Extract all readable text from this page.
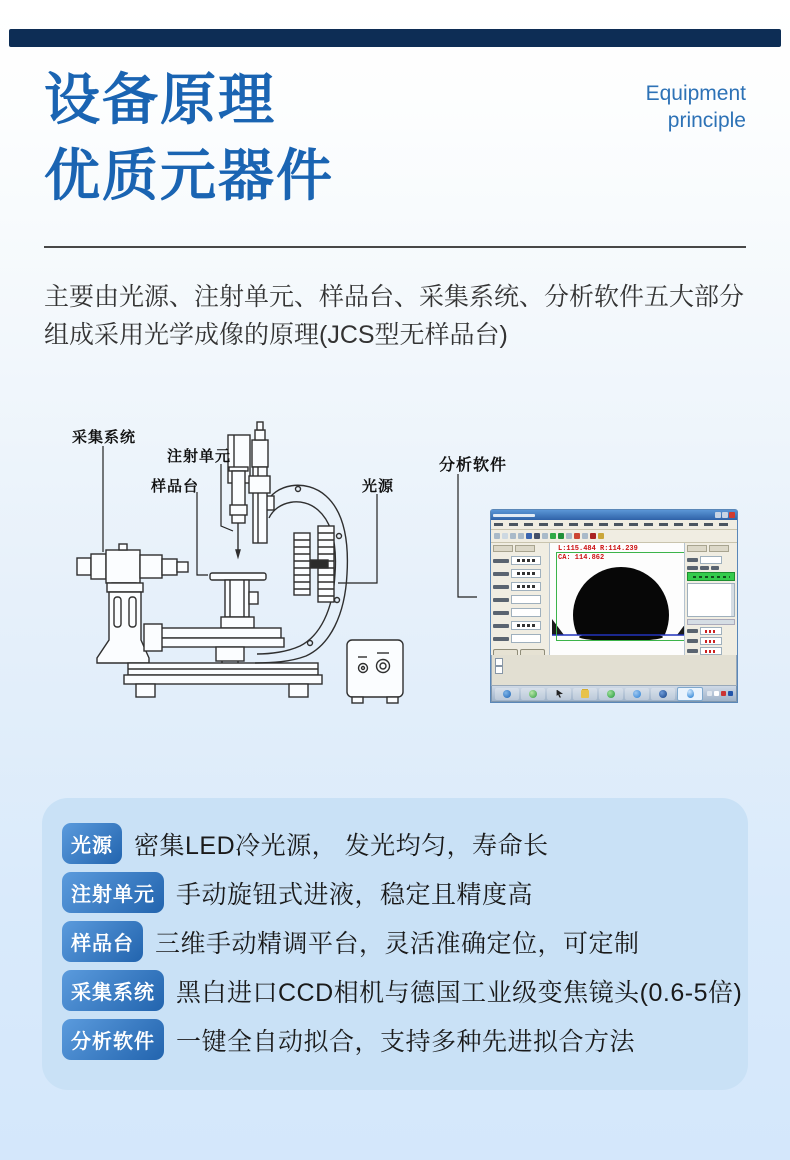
设备原理
优质元器件
Equipment
principle
主要由光源、注射单元、样品台、采集系统、分析软件五大部分组成采用光学成像的原理(JCS型无样品台)
采集系统
注射单元
样品台	光源
分析软件
L:115.484 R:114.239
CA: 114.862
光源 密集LED冷光源， 发光均匀，寿命长
注射单元 手动旋钮式进液，稳定且精度高
样品台 三维手动精调平台，灵活准确定位，可定制
采集系统 黑白进口CCD相机与德国工业级变焦镜头(0.6-5倍)
分析软件 一键全自动拟合，支持多种先进拟合方法
